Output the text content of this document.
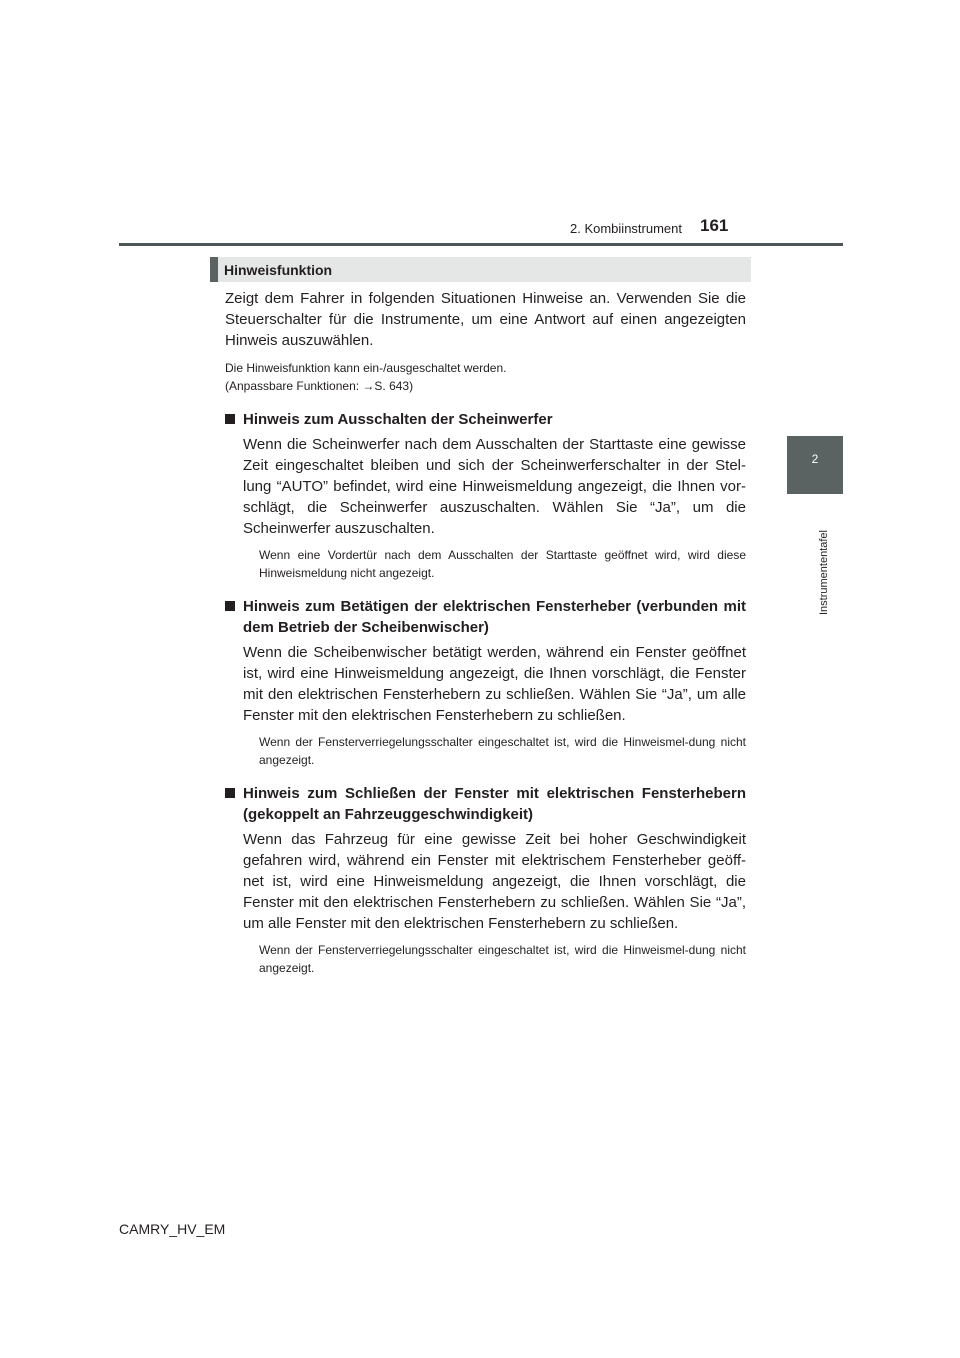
2. Kombiinstrument 161
2
Instrumententafel
Hinweisfunktion

Zeigt dem Fahrer in folgenden Situationen Hinweise an. Verwenden Sie die Steuerschalter für die Instrumente, um eine Antwort auf einen angezeigten Hinweis auszuwählen.

Die Hinweisfunktion kann ein-/ausgeschaltet werden.
(Anpassbare Funktionen: →S. 643)

Hinweis zum Ausschalten der Scheinwerfer
Wenn die Scheinwerfer nach dem Ausschalten der Starttaste eine gewisse Zeit eingeschaltet bleiben und sich der Scheinwerferschalter in der Stel-lung “AUTO” befindet, wird eine Hinweismeldung angezeigt, die Ihnen vor-schlägt, die Scheinwerfer auszuschalten. Wählen Sie “Ja”, um die Scheinwerfer auszuschalten.
Wenn eine Vordertür nach dem Ausschalten der Starttaste geöffnet wird, wird diese Hinweismeldung nicht angezeigt.
Hinweis zum Betätigen der elektrischen Fensterheber (verbunden mit dem Betrieb der Scheibenwischer)
Wenn die Scheibenwischer betätigt werden, während ein Fenster geöffnet ist, wird eine Hinweismeldung angezeigt, die Ihnen vorschlägt, die Fenster mit den elektrischen Fensterhebern zu schließen. Wählen Sie “Ja”, um alle Fenster mit den elektrischen Fensterhebern zu schließen.
Wenn der Fensterverriegelungsschalter eingeschaltet ist, wird die Hinweismel-dung nicht angezeigt.
Hinweis zum Schließen der Fenster mit elektrischen Fensterhebern (gekoppelt an Fahrzeuggeschwindigkeit)
Wenn das Fahrzeug für eine gewisse Zeit bei hoher Geschwindigkeit gefahren wird, während ein Fenster mit elektrischem Fensterheber geöff-net ist, wird eine Hinweismeldung angezeigt, die Ihnen vorschlägt, die Fenster mit den elektrischen Fensterhebern zu schließen. Wählen Sie “Ja”, um alle Fenster mit den elektrischen Fensterhebern zu schließen.
Wenn der Fensterverriegelungsschalter eingeschaltet ist, wird die Hinweismel-dung nicht angezeigt.
CAMRY_HV_EM
